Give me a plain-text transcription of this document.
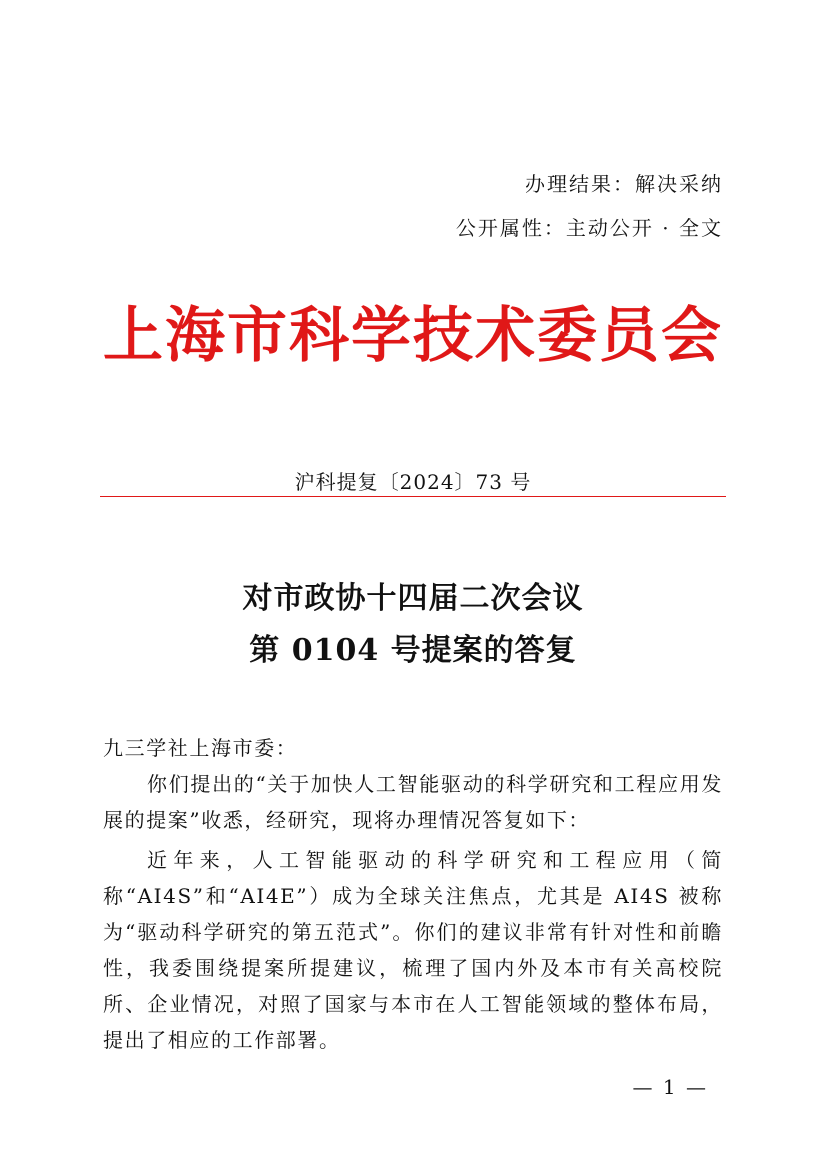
办理结果：解决采纳
公开属性：主动公开 · 全文
上海市科学技术委员会
沪科提复〔2024〕73 号
对市政协十四届二次会议
第 0104 号提案的答复
九三学社上海市委：
你们提出的“关于加快人工智能驱动的科学研究和工程应用发展的提案”收悉，经研究，现将办理情况答复如下：
近年来，人工智能驱动的科学研究和工程应用（简称“AI4S”和“AI4E”）成为全球关注焦点，尤其是 AI4S 被称为“驱动科学研究的第五范式”。你们的建议非常有针对性和前瞻性，我委围绕提案所提建议，梳理了国内外及本市有关高校院所、企业情况，对照了国家与本市在人工智能领域的整体布局，提出了相应的工作部署。
— 1 —
